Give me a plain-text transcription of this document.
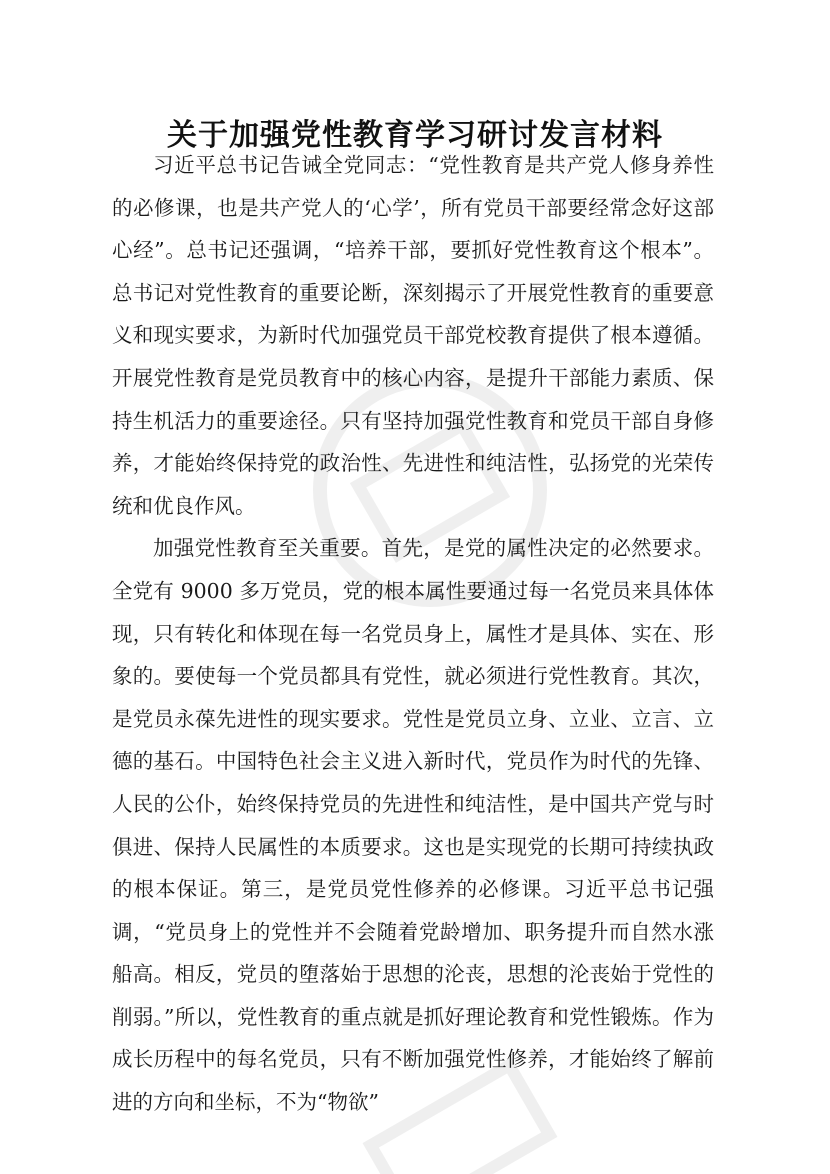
关于加强党性教育学习研讨发言材料

习近平总书记告诫全党同志：“党性教育是共产党人修身养性的必修课，也是共产党人的‘心学’，所有党员干部要经常念好这部心经”。总书记还强调，“培养干部，要抓好党性教育这个根本”。总书记对党性教育的重要论断，深刻揭示了开展党性教育的重要意义和现实要求，为新时代加强党员干部党校教育提供了根本遵循。开展党性教育是党员教育中的核心内容，是提升干部能力素质、保持生机活力的重要途径。只有坚持加强党性教育和党员干部自身修养，才能始终保持党的政治性、先进性和纯洁性，弘扬党的光荣传统和优良作风。

加强党性教育至关重要。首先，是党的属性决定的必然要求。全党有 9000 多万党员，党的根本属性要通过每一名党员来具体体现，只有转化和体现在每一名党员身上，属性才是具体、实在、形象的。要使每一个党员都具有党性，就必须进行党性教育。其次，是党员永葆先进性的现实要求。党性是党员立身、立业、立言、立德的基石。中国特色社会主义进入新时代，党员作为时代的先锋、人民的公仆，始终保持党员的先进性和纯洁性，是中国共产党与时俱进、保持人民属性的本质要求。这也是实现党的长期可持续执政的根本保证。第三，是党员党性修养的必修课。习近平总书记强调，“党员身上的党性并不会随着党龄增加、职务提升而自然水涨船高。相反，党员的堕落始于思想的沦丧，思想的沦丧始于党性的削弱。”所以，党性教育的重点就是抓好理论教育和党性锻炼。作为成长历程中的每名党员，只有不断加强党性修养，才能始终了解前进的方向和坐标，不为“物欲”
